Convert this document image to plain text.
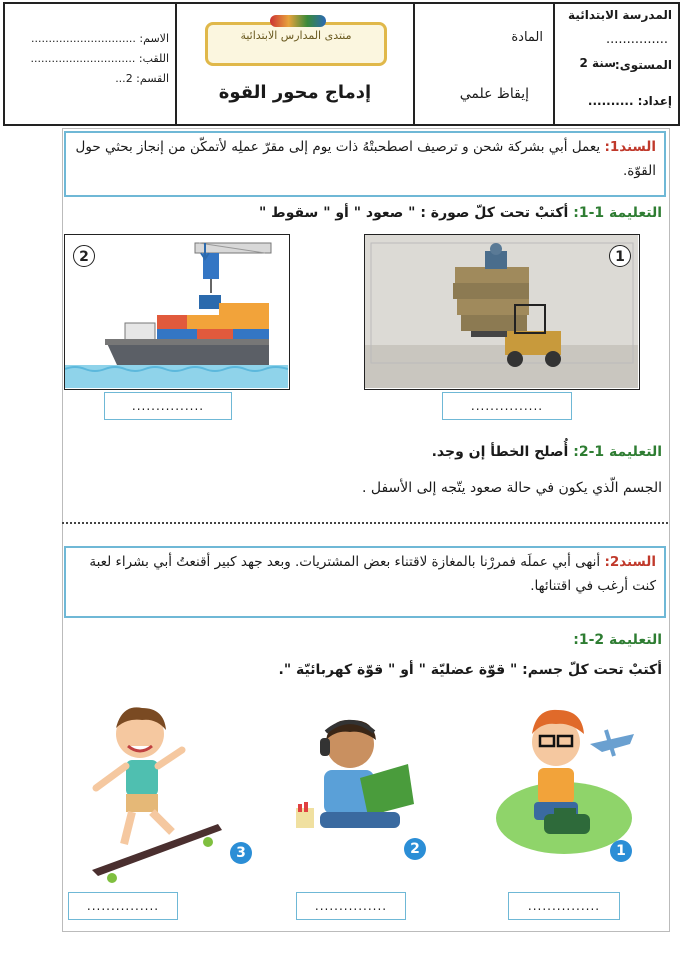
الاسم: ..............................
اللقب: ..............................
القسم: 2...
منتدى المدارس الابتدائية
إدماج محور القوة
المادة
إيقاظ علمي
المدرسة الابتدائية
...............
المستوى:
سنة 2
إعداد: ..........
السند1: يعمل أبي بشركة شحن و ترصيف اصطحبتْهُ ذات يوم إلى مقرّ عملِه لأتمكّن من إنجاز بحثي حول القوّة.
التعليمة 1-1: أكتبْ تحت كلّ صورة : " صعود " أو " سقوط "
2	1
...............	...............
التعليمة 1-2: أُصلح الخطأ إن وجد.
الجسم الّذي يكون في حالة صعود يتّجه إلى الأسفل .
السند2: أنهى أبي عملَه فمررْنا بالمغازة لاقتناء بعض المشتريات. وبعد جهد كبير أقنعتُ أبي بشراء لعبة كنت أرغب في اقتنائها.
التعليمة 2-1:
أكتبْ تحت كلّ جسم: " قوّة عضليّة " أو " قوّة كهربائيّة ".
3	2	1
...............	...............	...............
